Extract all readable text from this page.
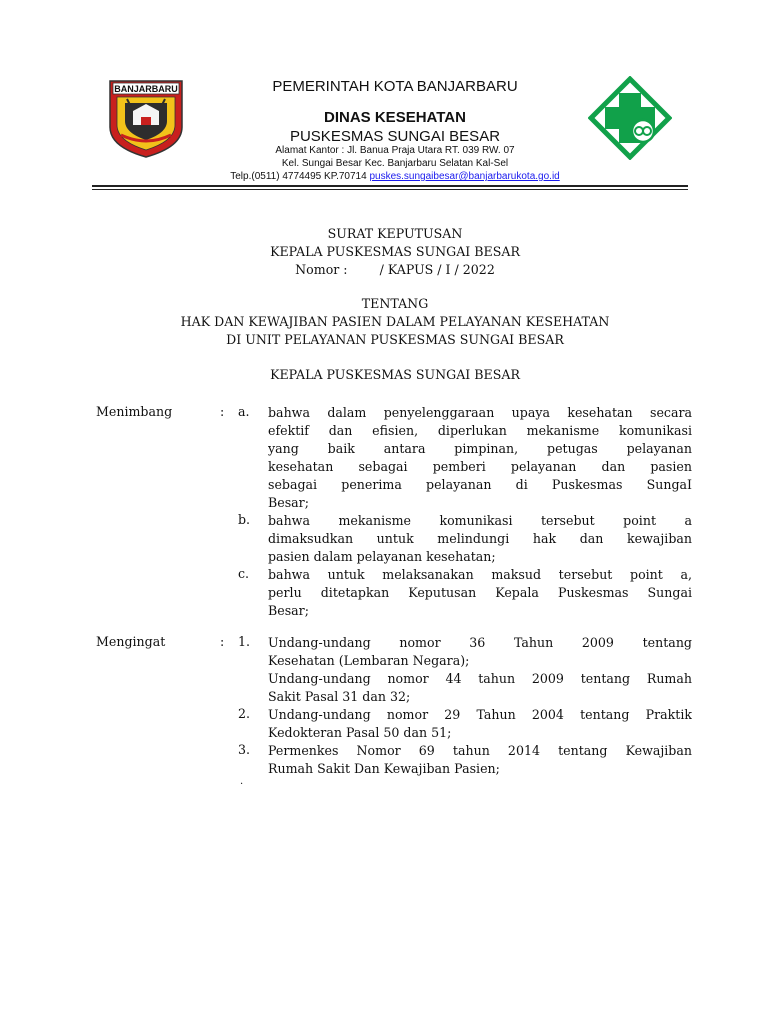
BANJARBARU	PEMERINTAH KOTA BANJARBARU
DINAS KESEHATAN
PUSKESMAS SUNGAI BESAR
Alamat Kantor : Jl. Banua Praja Utara RT. 039 RW. 07
Kel. Sungai Besar Kec. Banjarbaru Selatan Kal-Sel
Telp.(0511) 4774495 KP.70714 puskes.sungaibesar@banjarbarukota.go.id
SURAT KEPUTUSAN
KEPALA PUSKESMAS SUNGAI BESAR
Nomor :        / KAPUS / I / 2022
TENTANG
HAK DAN KEWAJIBAN PASIEN DALAM PELAYANAN KESEHATAN
DI UNIT PELAYANAN PUSKESMAS SUNGAI BESAR
KEPALA PUSKESMAS SUNGAI BESAR
Menimbang	: a. bahwa dalam penyelenggaraan upaya kesehatan secara
efektif dan efisien, diperlukan mekanisme komunikasi
yang baik antara pimpinan, petugas pelayanan
kesehatan sebagai pemberi pelayanan dan pasien
sebagai penerima pelayanan di Puskesmas SungaI
Besar;
b. bahwa mekanisme komunikasi tersebut point a
dimaksudkan untuk melindungi hak dan kewajiban
pasien dalam pelayanan kesehatan;
c. bahwa untuk melaksanakan maksud tersebut point a,
perlu ditetapkan Keputusan Kepala Puskesmas Sungai
Besar;
Mengingat	: 1. Undang-undang nomor 36 Tahun 2009 tentang
Kesehatan (Lembaran Negara);
Undang-undang nomor 44 tahun 2009 tentang Rumah
Sakit Pasal 31 dan 32;
2. Undang-undang nomor 29 Tahun 2004 tentang Praktik
Kedokteran Pasal 50 dan 51;
3. Permenkes Nomor 69 tahun 2014 tentang Kewajiban
Rumah Sakit Dan Kewajiban Pasien;
.
